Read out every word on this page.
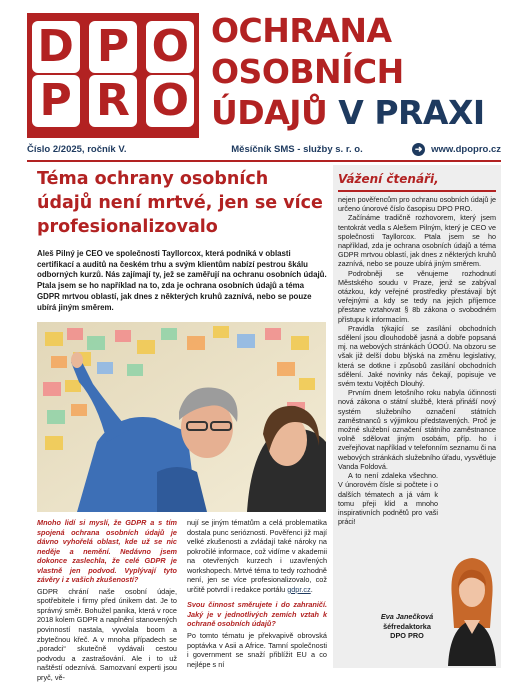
D P O
P R O
OCHRANA
OSOBNÍCH
ÚDAJŮ V PRAXI
Číslo 2/2025, ročník V.	Měsíčník SMS - služby s. r. o.	➜ www.dpopro.cz
Téma ochrany osobních údajů není mrtvé, jen se více profesionalizovalo

Aleš Pilný je CEO ve společnosti Tayllorcox, která podniká v oblasti certifikací a auditů na českém trhu a svým klientům nabízí pestrou škálu odborných kurzů. Nás zajímají ty, jež se zaměřují na ochranu osobních údajů. Ptala jsem se ho například na to, zda je ochrana osobních údajů a téma GDPR mrtvou oblastí, jak dnes z některých kruhů zaznívá, nebo se pouze ubírá jiným směrem.

Mnoho lidí si myslí, že GDPR a s tím spojená ochrana osobních údajů je dávno vyhořelá oblast, kde už se nic neděje a nemění. Nedávno jsem dokonce zaslechla, že celé GDPR je vlastně jen podvod. Vyplývají tyto závěry i z vašich zkušeností?

GDPR chrání naše osobní údaje, spotřebitele i firmy před únikem dat. Je to správný směr. Bohužel panika, která v roce 2018 kolem GDPR a naplnění stanovených povinností nastala, vyvolala boom a zbytečnou křeč. A v mnoha případech se „poradci“ skutečně vydávali cestou podvodu a zastrašování. Ale i to už naštěstí odeznívá. Samozvaní experti jsou pryč, vě-

nují se jiným tématům a celá problematika dostala punc serióznosti. Pověřenci již mají velké zkušenosti a zvládají také nároky na pokročilé informace, což vidíme v akademii na otevřených kurzech i uzavřených workshopech. Mrtvé téma to tedy rozhodně není, jen se více profesionalizovalo, což určitě potvrdí i redakce portálu gdpr.cz.

Svou činnost směrujete i do zahraničí. Jaký je v jednotlivých zemích vztah k ochraně osobních údajů?

Po tomto tématu je překvapivě obrovská poptávka v Asii a Africe. Tamní společnosti i government se snaží přiblížit EU a co nejlépe s ní

Vážení čtenáři,

nejen pověřencům pro ochranu osobních údajů je určeno únorové číslo časopisu DPO PRO.

Začínáme tradičně rozhovorem, který jsem tentokrát vedla s Alešem Pilným, který je CEO ve společnosti Tayllorcox. Ptala jsem se ho například, zda je ochrana osobních údajů a téma GDPR mrtvou oblastí, jak dnes z některých kruhů zaznívá, nebo se pouze ubírá jiným směrem.

Podrobněji se věnujeme rozhodnutí Městského soudu v Praze, jenž se zabýval otázkou, kdy veřejné prostředky přestávají být veřejnými a kdy se tedy na jejich příjemce přestane vztahovat § 8b zákona o svobodném přístupu k informacím.

Pravidla týkající se zasílání obchodních sdělení jsou dlouhodobě jasná a dobře popsaná mj. na webových stránkách ÚOOÚ. Na obzoru se však již delší dobu blýská na změnu legislativy, která se dotkne i způsobů zasílání obchodních sdělení. Jaké novinky nás čekají, popisuje ve svém textu Vojtěch Dlouhý.

Prvním dnem letošního roku nabyla účinnosti nová zákona o státní službě, která přináší nový systém služebního označení státních zaměstnanců s výjimkou představených. Proč je možné služební označení státního zaměstnance volně sdělovat jiným osobám, příp. ho i zveřejňovat například v telefonním seznamu či na webových stránkách služebního úřadu, vysvětluje Vanda Foldová.

A to není zdaleka všechno. V únorovém čísle si počtete i o dalších tématech a já vám k tomu přeji klid a mnoho inspirativních podnětů pro vaši práci!

Eva Janečková
šéfredaktorka
DPO PRO
